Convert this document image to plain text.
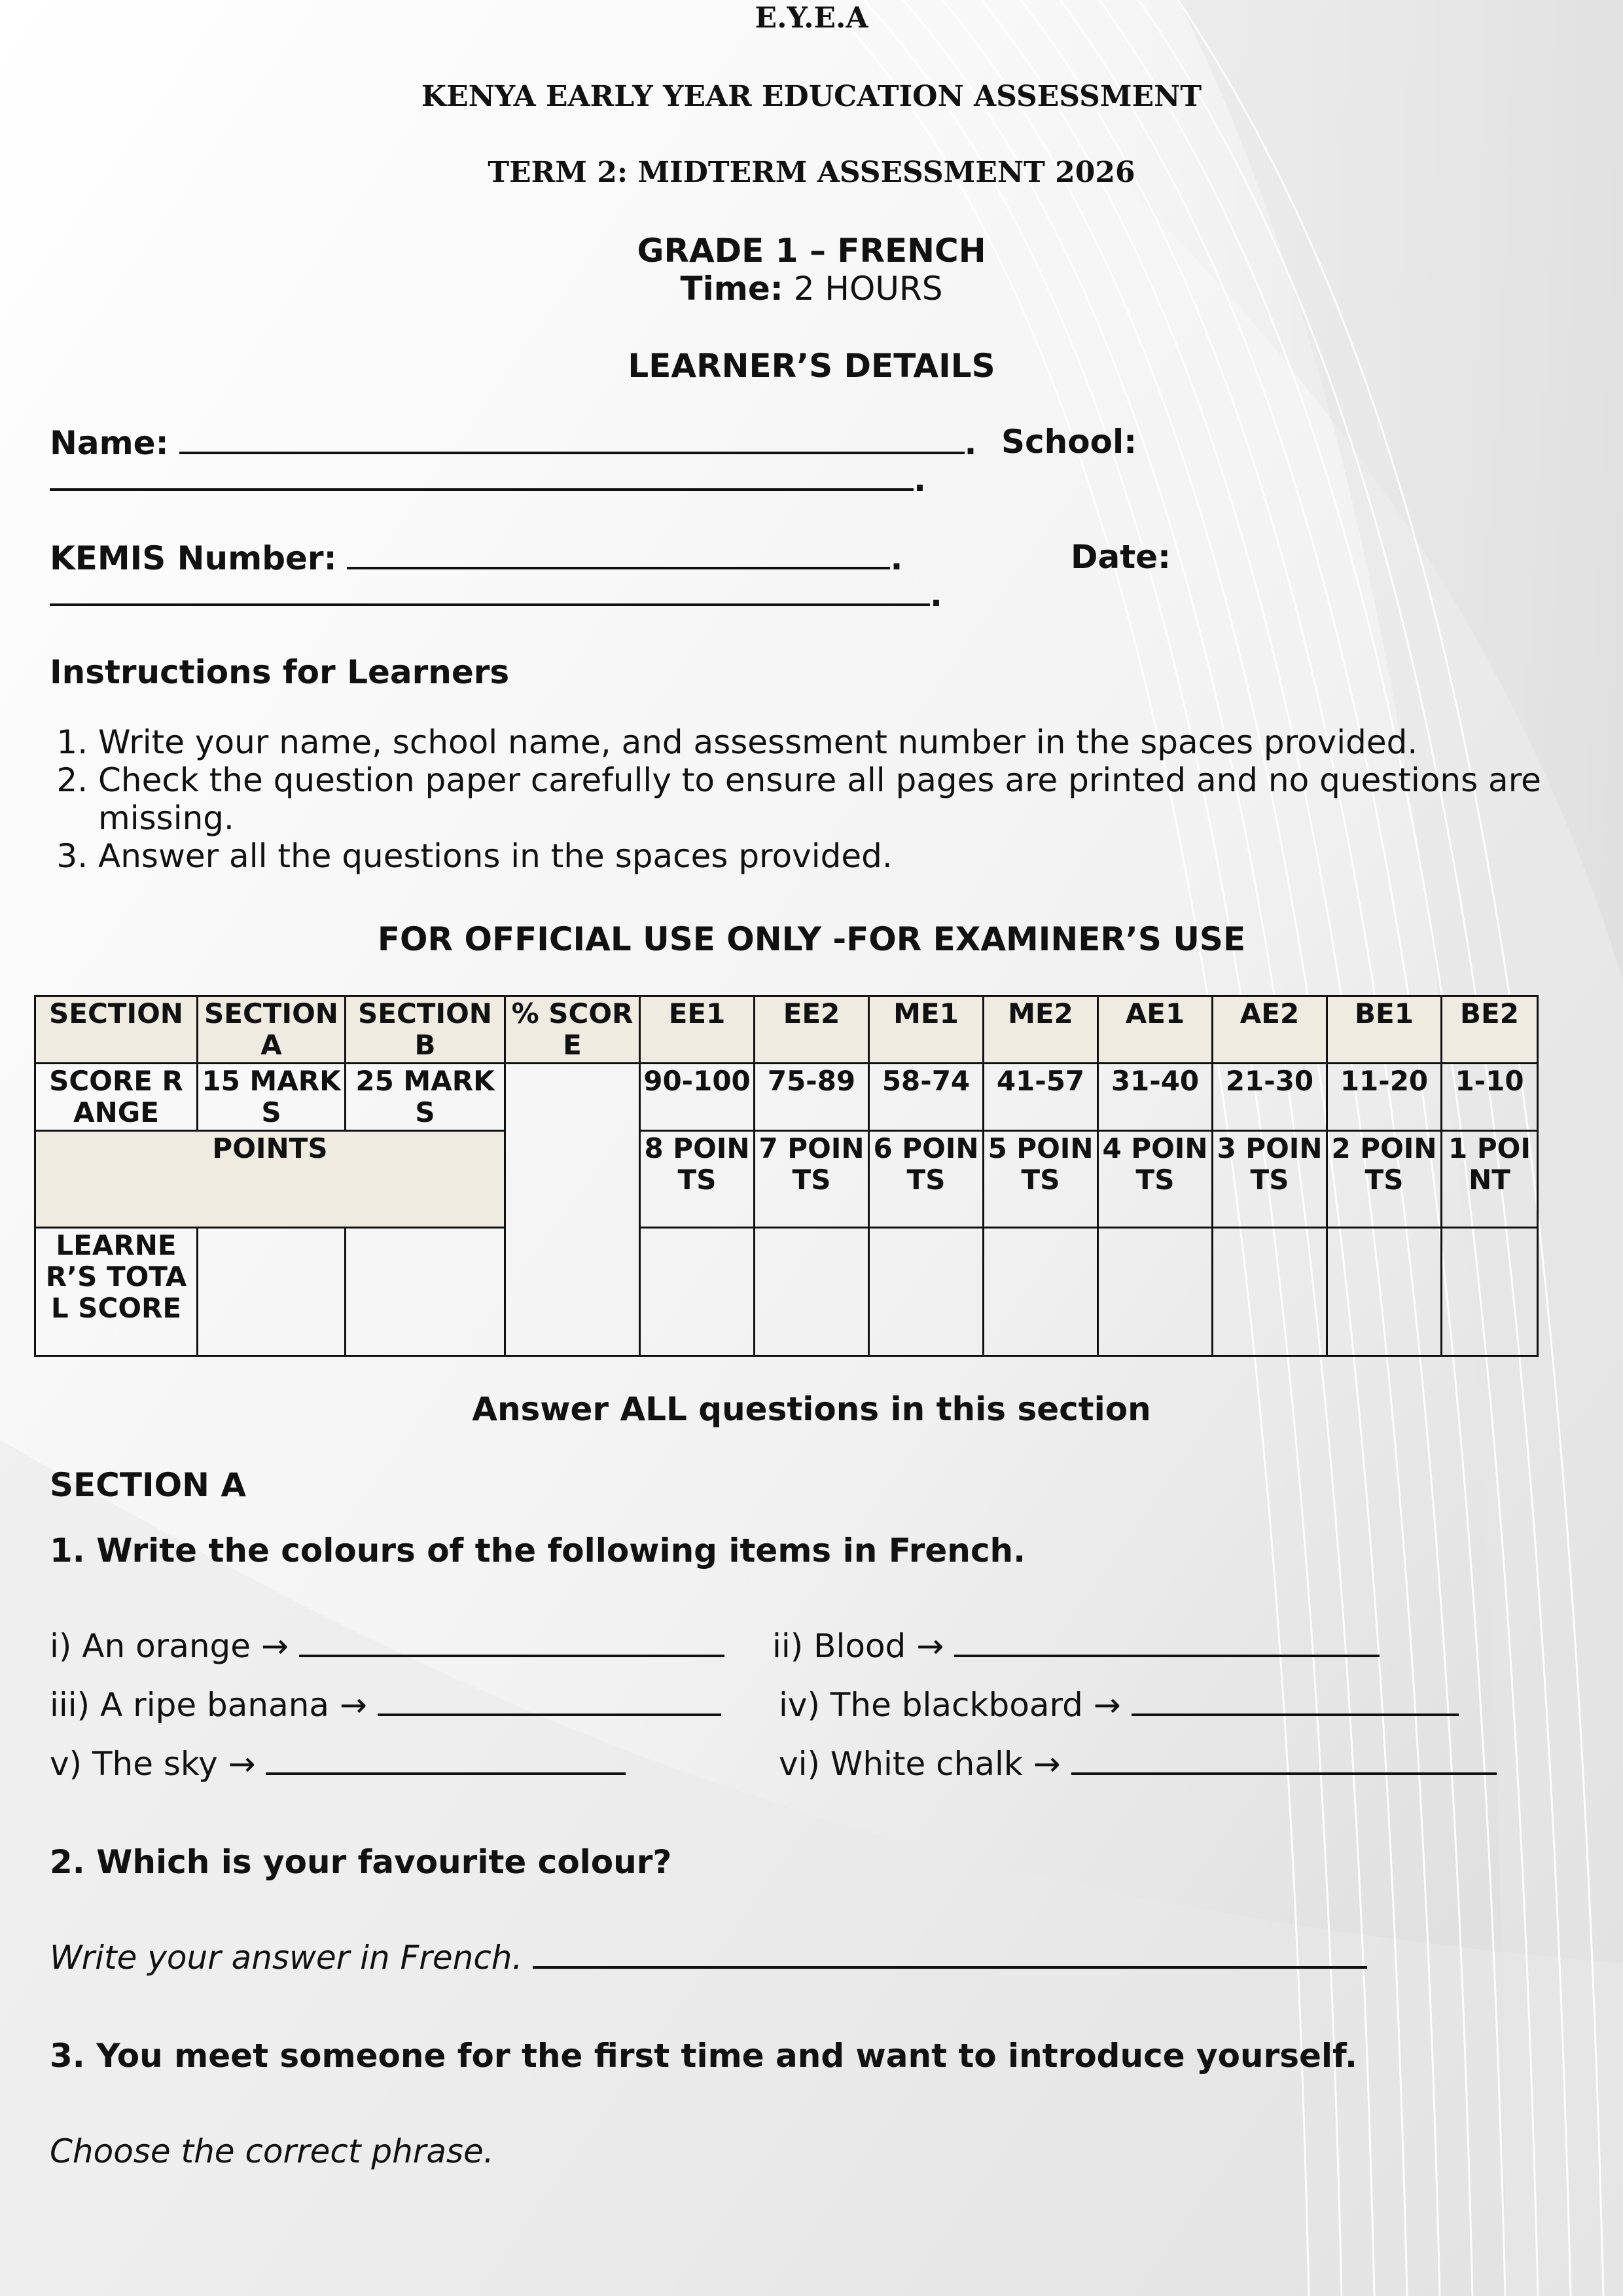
E.Y.E.A
KENYA EARLY YEAR EDUCATION ASSESSMENT
TERM 2: MIDTERM ASSESSMENT 2026
GRADE 1 – FRENCH
Time: 2 HOURS
LEARNER’S DETAILS
Name:	. School:
.
KEMIS Number:	.	Date:
.
Instructions for Learners
1. Write your name, school name, and assessment number in the spaces provided.
2. Check the question paper carefully to ensure all pages are printed and no questions are missing.
3. Answer all the questions in the spaces provided.
FOR OFFICIAL USE ONLY -FOR EXAMINER’S USE
SECTION	SECTION A	SECTION B	% SCORE	EE1	EE2	ME1	ME2	AE1	AE2	BE1	BE2
SCORE RANGE	15 MARKS	25 MARKS		90-100	75-89	58-74	41-57	31-40	21-30	11-20	1-10
POINTS				8 POINTS	7 POINTS	6 POINTS	5 POINTS	4 POINTS	3 POINTS	2 POINTS	1 POINT
LEARNER’S TOTAL SCORE											
Answer ALL questions in this section
SECTION A
1. Write the colours of the following items in French.
i) An orange →	ii) Blood →
iii) A ripe banana →	iv) The blackboard →
v) The sky →	vi) White chalk →
2. Which is your favourite colour?
Write your answer in French.
3. You meet someone for the first time and want to introduce yourself.
Choose the correct phrase.
